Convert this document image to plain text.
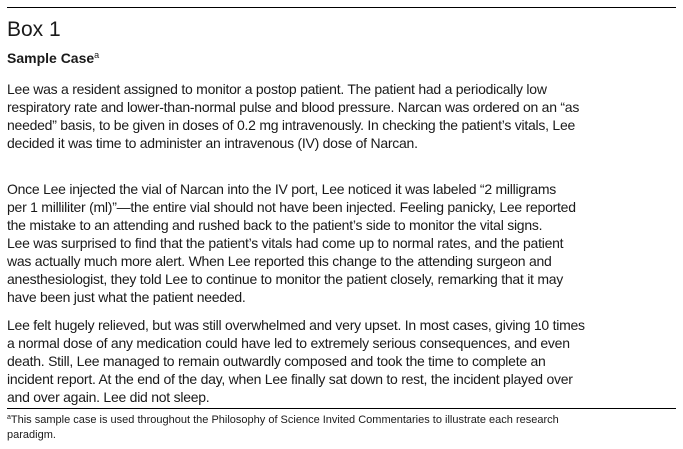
Box 1
Sample Case$^a$
Lee was a resident assigned to monitor a postop patient. The patient had a periodically low
respiratory rate and lower-than-normal pulse and blood pressure. Narcan was ordered on an “as
needed” basis, to be given in doses of 0.2 mg intravenously. In checking the patient’s vitals, Lee
decided it was time to administer an intravenous (IV) dose of Narcan.
Once Lee injected the vial of Narcan into the IV port, Lee noticed it was labeled “2 milligrams
per 1 milliliter (ml)”—the entire vial should not have been injected. Feeling panicky, Lee reported
the mistake to an attending and rushed back to the patient’s side to monitor the vital signs.
Lee was surprised to find that the patient’s vitals had come up to normal rates, and the patient
was actually much more alert. When Lee reported this change to the attending surgeon and
anesthesiologist, they told Lee to continue to monitor the patient closely, remarking that it may
have been just what the patient needed.
Lee felt hugely relieved, but was still overwhelmed and very upset. In most cases, giving 10 times
a normal dose of any medication could have led to extremely serious consequences, and even
death. Still, Lee managed to remain outwardly composed and took the time to complete an
incident report. At the end of the day, when Lee finally sat down to rest, the incident played over
and over again. Lee did not sleep.
$^a$This sample case is used throughout the Philosophy of Science Invited Commentaries to illustrate each research
paradigm.
